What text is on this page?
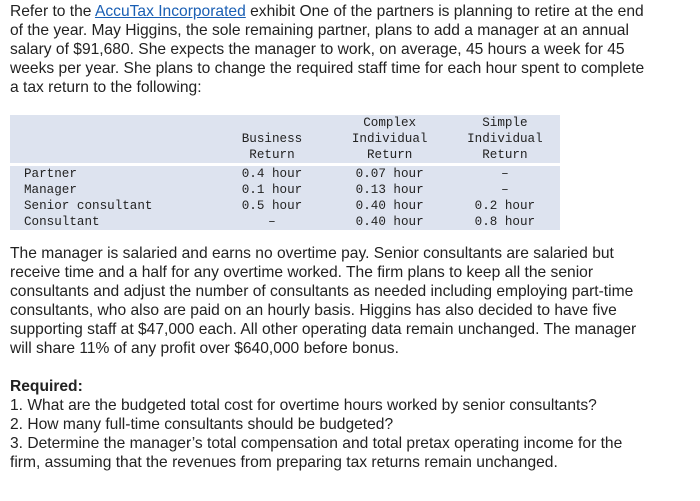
Refer to the AccuTax Incorporated exhibit One of the partners is planning to retire at the end

of the year. May Higgins, the sole remaining partner, plans to add a manager at an annual

salary of $91,680. She expects the manager to work, on average, 45 hours a week for 45

weeks per year. She plans to change the required staff time for each hour spent to complete

a tax return to the following:

		Complex	Simple
	Business	Individual	Individual
	Return	Return	Return

Partner	0.4 hour	0.07 hour	–
Manager	0.1 hour	0.13 hour	–
Senior consultant	0.5 hour	0.40 hour	0.2 hour
Consultant	–	0.40 hour	0.8 hour

The manager is salaried and earns no overtime pay. Senior consultants are salaried but

receive time and a half for any overtime worked. The firm plans to keep all the senior

consultants and adjust the number of consultants as needed including employing part-time

consultants, who also are paid on an hourly basis. Higgins has also decided to have five

supporting staff at $47,000 each. All other operating data remain unchanged. The manager

will share 11% of any profit over $640,000 before bonus.

Required:

1. What are the budgeted total cost for overtime hours worked by senior consultants?

2. How many full-time consultants should be budgeted?

3. Determine the manager’s total compensation and total pretax operating income for the

firm, assuming that the revenues from preparing tax returns remain unchanged.
